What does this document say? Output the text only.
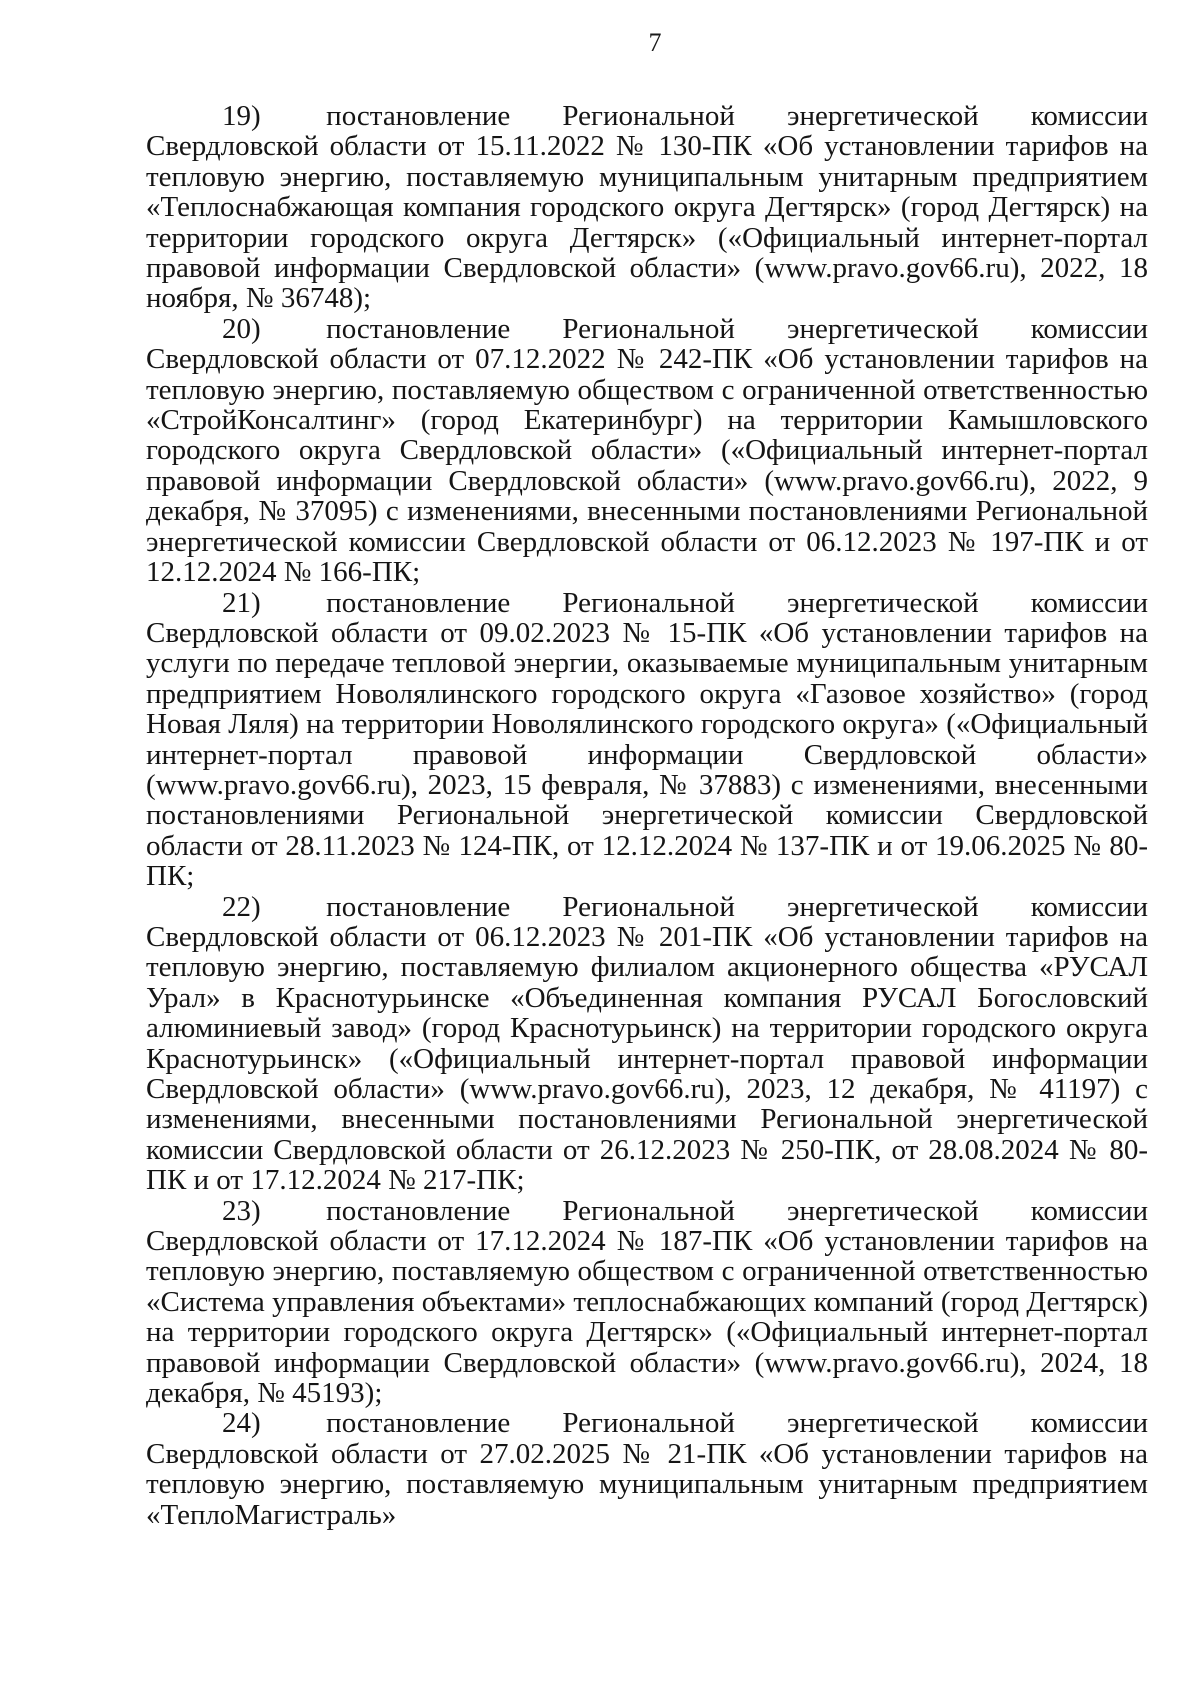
7

19) постановление Региональной энергетической комиссии Свердловской области от 15.11.2022 № 130-ПК «Об установлении тарифов на тепловую энергию, поставляемую муниципальным унитарным предприятием «Теплоснабжающая компания городского округа Дегтярск» (город Дегтярск) на территории городского округа Дегтярск» («Официальный интернет-портал правовой информации Свердловской области» (www.pravo.gov66.ru), 2022, 18 ноября, № 36748);

20) постановление Региональной энергетической комиссии Свердловской области от 07.12.2022 № 242-ПК «Об установлении тарифов на тепловую энергию, поставляемую обществом с ограниченной ответственностью «СтройКонсалтинг» (город Екатеринбург) на территории Камышловского городского округа Свердловской области» («Официальный интернет-портал правовой информации Свердловской области» (www.pravo.gov66.ru), 2022, 9 декабря, № 37095) с изменениями, внесенными постановлениями Региональной энергетической комиссии Свердловской области от 06.12.2023 № 197-ПК и от 12.12.2024 № 166-ПК;

21) постановление Региональной энергетической комиссии Свердловской области от 09.02.2023 № 15-ПК «Об установлении тарифов на услуги по передаче тепловой энергии, оказываемые муниципальным унитарным предприятием Новолялинского городского округа «Газовое хозяйство» (город Новая Ляля) на территории Новолялинского городского округа» («Официальный интернет-портал правовой информации Свердловской области» (www.pravo.gov66.ru), 2023, 15 февраля, № 37883) с изменениями, внесенными постановлениями Региональной энергетической комиссии Свердловской области от 28.11.2023 № 124-ПК, от 12.12.2024 № 137-ПК и от 19.06.2025 № 80-ПК;

22) постановление Региональной энергетической комиссии Свердловской области от 06.12.2023 № 201-ПК «Об установлении тарифов на тепловую энергию, поставляемую филиалом акционерного общества «РУСАЛ Урал» в Краснотурьинске «Объединенная компания РУСАЛ Богословский алюминиевый завод» (город Краснотурьинск) на территории городского округа Краснотурьинск» («Официальный интернет-портал правовой информации Свердловской области» (www.pravo.gov66.ru), 2023, 12 декабря, № 41197) с изменениями, внесенными постановлениями Региональной энергетической комиссии Свердловской области от 26.12.2023 № 250-ПК, от 28.08.2024 № 80-ПК и от 17.12.2024 № 217-ПК;

23) постановление Региональной энергетической комиссии Свердловской области от 17.12.2024 № 187-ПК «Об установлении тарифов на тепловую энергию, поставляемую обществом с ограниченной ответственностью «Система управления объектами» теплоснабжающих компаний (город Дегтярск) на территории городского округа Дегтярск» («Официальный интернет-портал правовой информации Свердловской области» (www.pravo.gov66.ru), 2024, 18 декабря, № 45193);

24) постановление Региональной энергетической комиссии Свердловской области от 27.02.2025 № 21-ПК «Об установлении тарифов на тепловую энергию, поставляемую муниципальным унитарным предприятием «ТеплоМагистраль»
